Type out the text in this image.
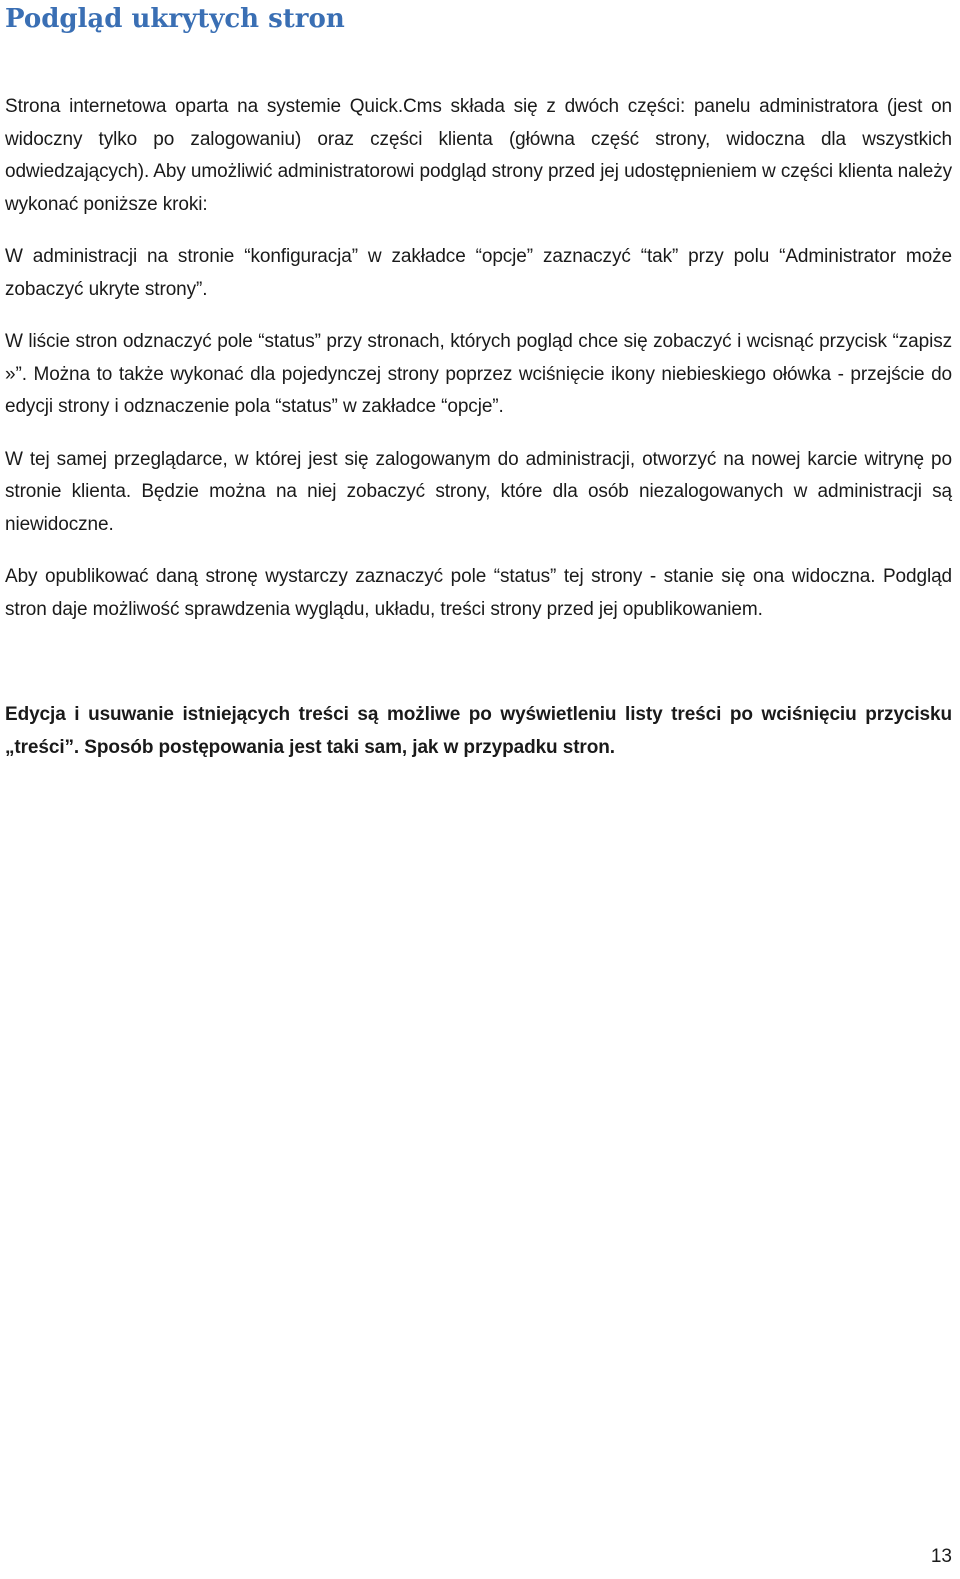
Podgląd ukrytych stron

Strona internetowa oparta na systemie Quick.Cms składa się z dwóch części: panelu administratora (jest on widoczny tylko po zalogowaniu) oraz części klienta (główna część strony, widoczna dla wszystkich odwiedzających). Aby umożliwić administratorowi podgląd strony przed jej udostępnieniem w części klienta należy wykonać poniższe kroki:

W administracji na stronie “konfiguracja” w zakładce “opcje” zaznaczyć “tak” przy polu “Administrator może zobaczyć ukryte strony”.

W liście stron odznaczyć pole “status” przy stronach, których pogląd chce się zobaczyć i wcisnąć przycisk “zapisz »”. Można to także wykonać dla pojedynczej strony poprzez wciśnięcie ikony niebieskiego ołówka - przejście do edycji strony i odznaczenie pola “status” w zakładce “opcje”.

W tej samej przeglądarce, w której jest się zalogowanym do administracji, otworzyć na nowej karcie witrynę po stronie klienta. Będzie można na niej zobaczyć strony, które dla osób niezalogowanych w administracji są niewidoczne.

Aby opublikować daną stronę wystarczy zaznaczyć pole “status” tej strony - stanie się ona widoczna. Podgląd stron daje możliwość sprawdzenia wyglądu, układu, treści strony przed jej opublikowaniem.

Edycja i usuwanie istniejących treści są możliwe po wyświetleniu listy treści po wciśnięciu przycisku „treści”. Sposób postępowania jest taki sam, jak w przypadku stron.

13
